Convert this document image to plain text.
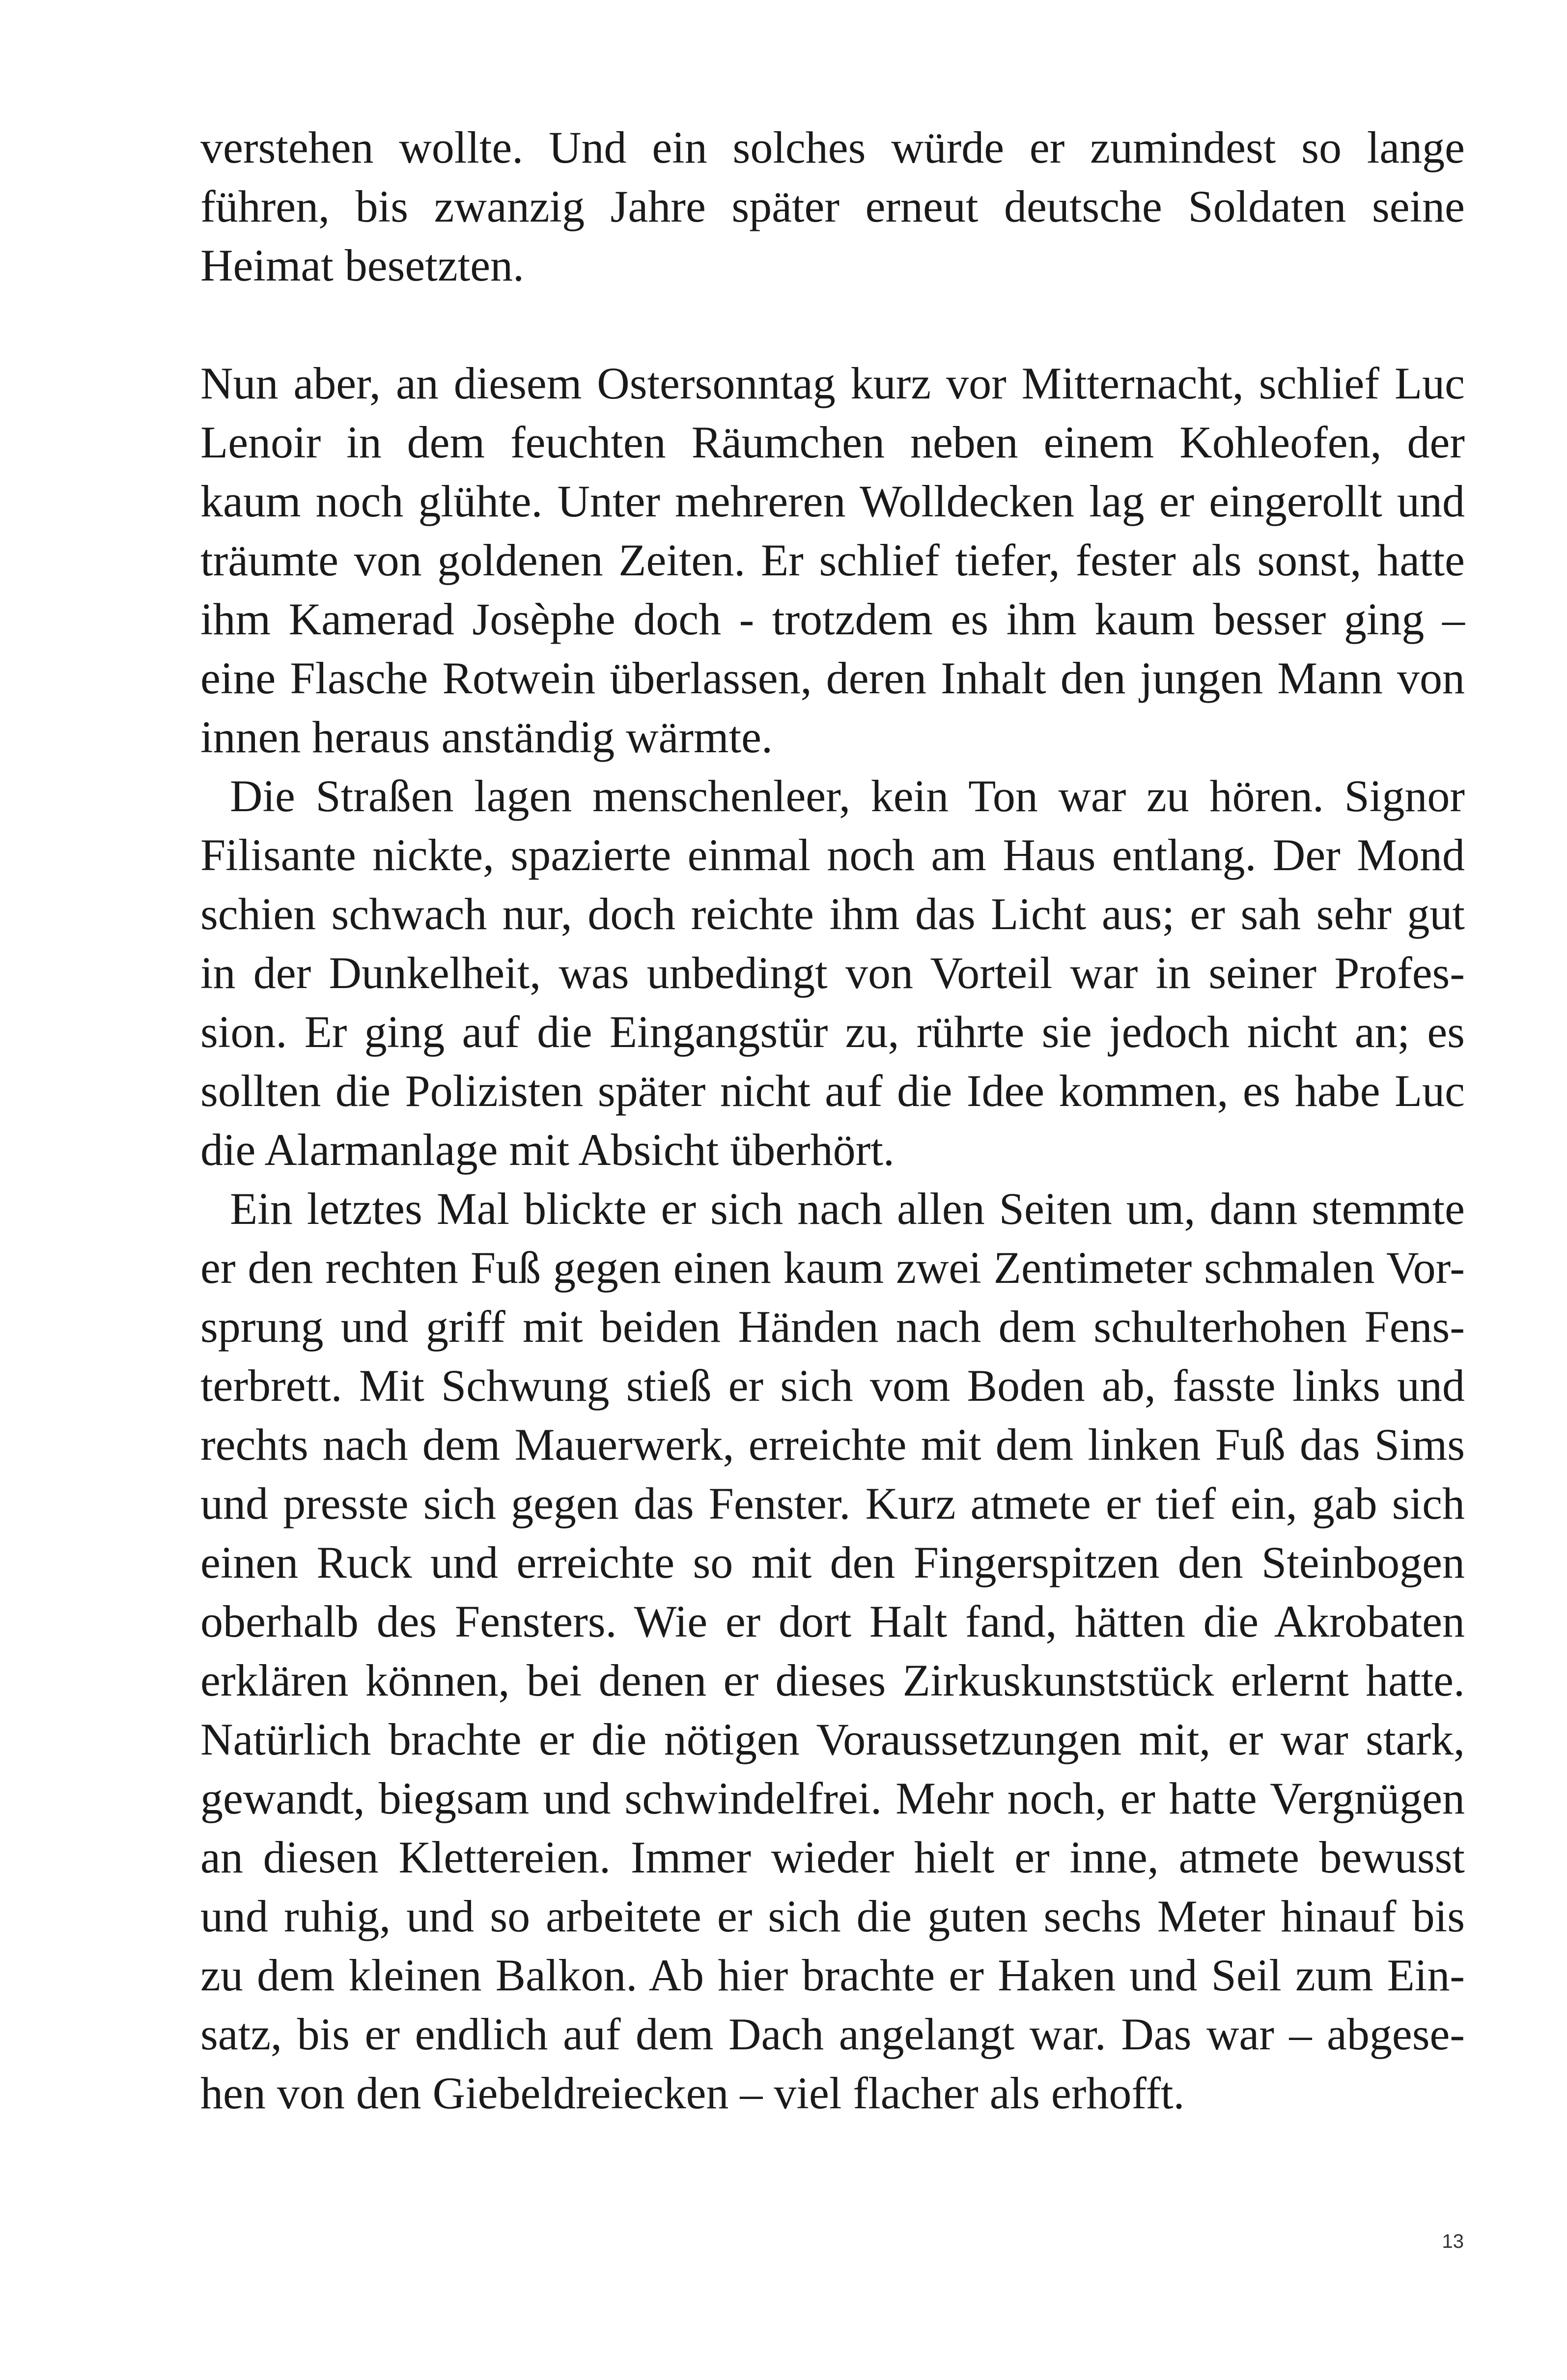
verstehen wollte. Und ein solches würde er zumindest so lange
führen, bis zwanzig Jahre später erneut deutsche Soldaten seine
Heimat besetzten.
Nun aber, an diesem Ostersonntag kurz vor Mitternacht, schlief Luc
Lenoir in dem feuchten Räumchen neben einem Kohleofen, der
kaum noch glühte. Unter mehreren Wolldecken lag er eingerollt und
träumte von goldenen Zeiten. Er schlief tiefer, fester als sonst, hatte
ihm Kamerad Josèphe doch - trotzdem es ihm kaum besser ging –
eine Flasche Rotwein überlassen, deren Inhalt den jungen Mann von
innen heraus anständig wärmte.
Die Straßen lagen menschenleer, kein Ton war zu hören. Signor
Filisante nickte, spazierte einmal noch am Haus entlang. Der Mond
schien schwach nur, doch reichte ihm das Licht aus; er sah sehr gut
in der Dunkelheit, was unbedingt von Vorteil war in seiner Profes-
sion. Er ging auf die Eingangstür zu, rührte sie jedoch nicht an; es
sollten die Polizisten später nicht auf die Idee kommen, es habe Luc
die Alarmanlage mit Absicht überhört.
Ein letztes Mal blickte er sich nach allen Seiten um, dann stemmte
er den rechten Fuß gegen einen kaum zwei Zentimeter schmalen Vor-
sprung und griff mit beiden Händen nach dem schulterhohen Fens-
terbrett. Mit Schwung stieß er sich vom Boden ab, fasste links und
rechts nach dem Mauerwerk, erreichte mit dem linken Fuß das Sims
und presste sich gegen das Fenster. Kurz atmete er tief ein, gab sich
einen Ruck und erreichte so mit den Fingerspitzen den Steinbogen
oberhalb des Fensters. Wie er dort Halt fand, hätten die Akrobaten
erklären können, bei denen er dieses Zirkuskunststück erlernt hatte.
Natürlich brachte er die nötigen Voraussetzungen mit, er war stark,
gewandt, biegsam und schwindelfrei. Mehr noch, er hatte Vergnügen
an diesen Klettereien. Immer wieder hielt er inne, atmete bewusst
und ruhig, und so arbeitete er sich die guten sechs Meter hinauf bis
zu dem kleinen Balkon. Ab hier brachte er Haken und Seil zum Ein-
satz, bis er endlich auf dem Dach angelangt war. Das war – abgese-
hen von den Giebeldreiecken – viel flacher als erhofft.
13
